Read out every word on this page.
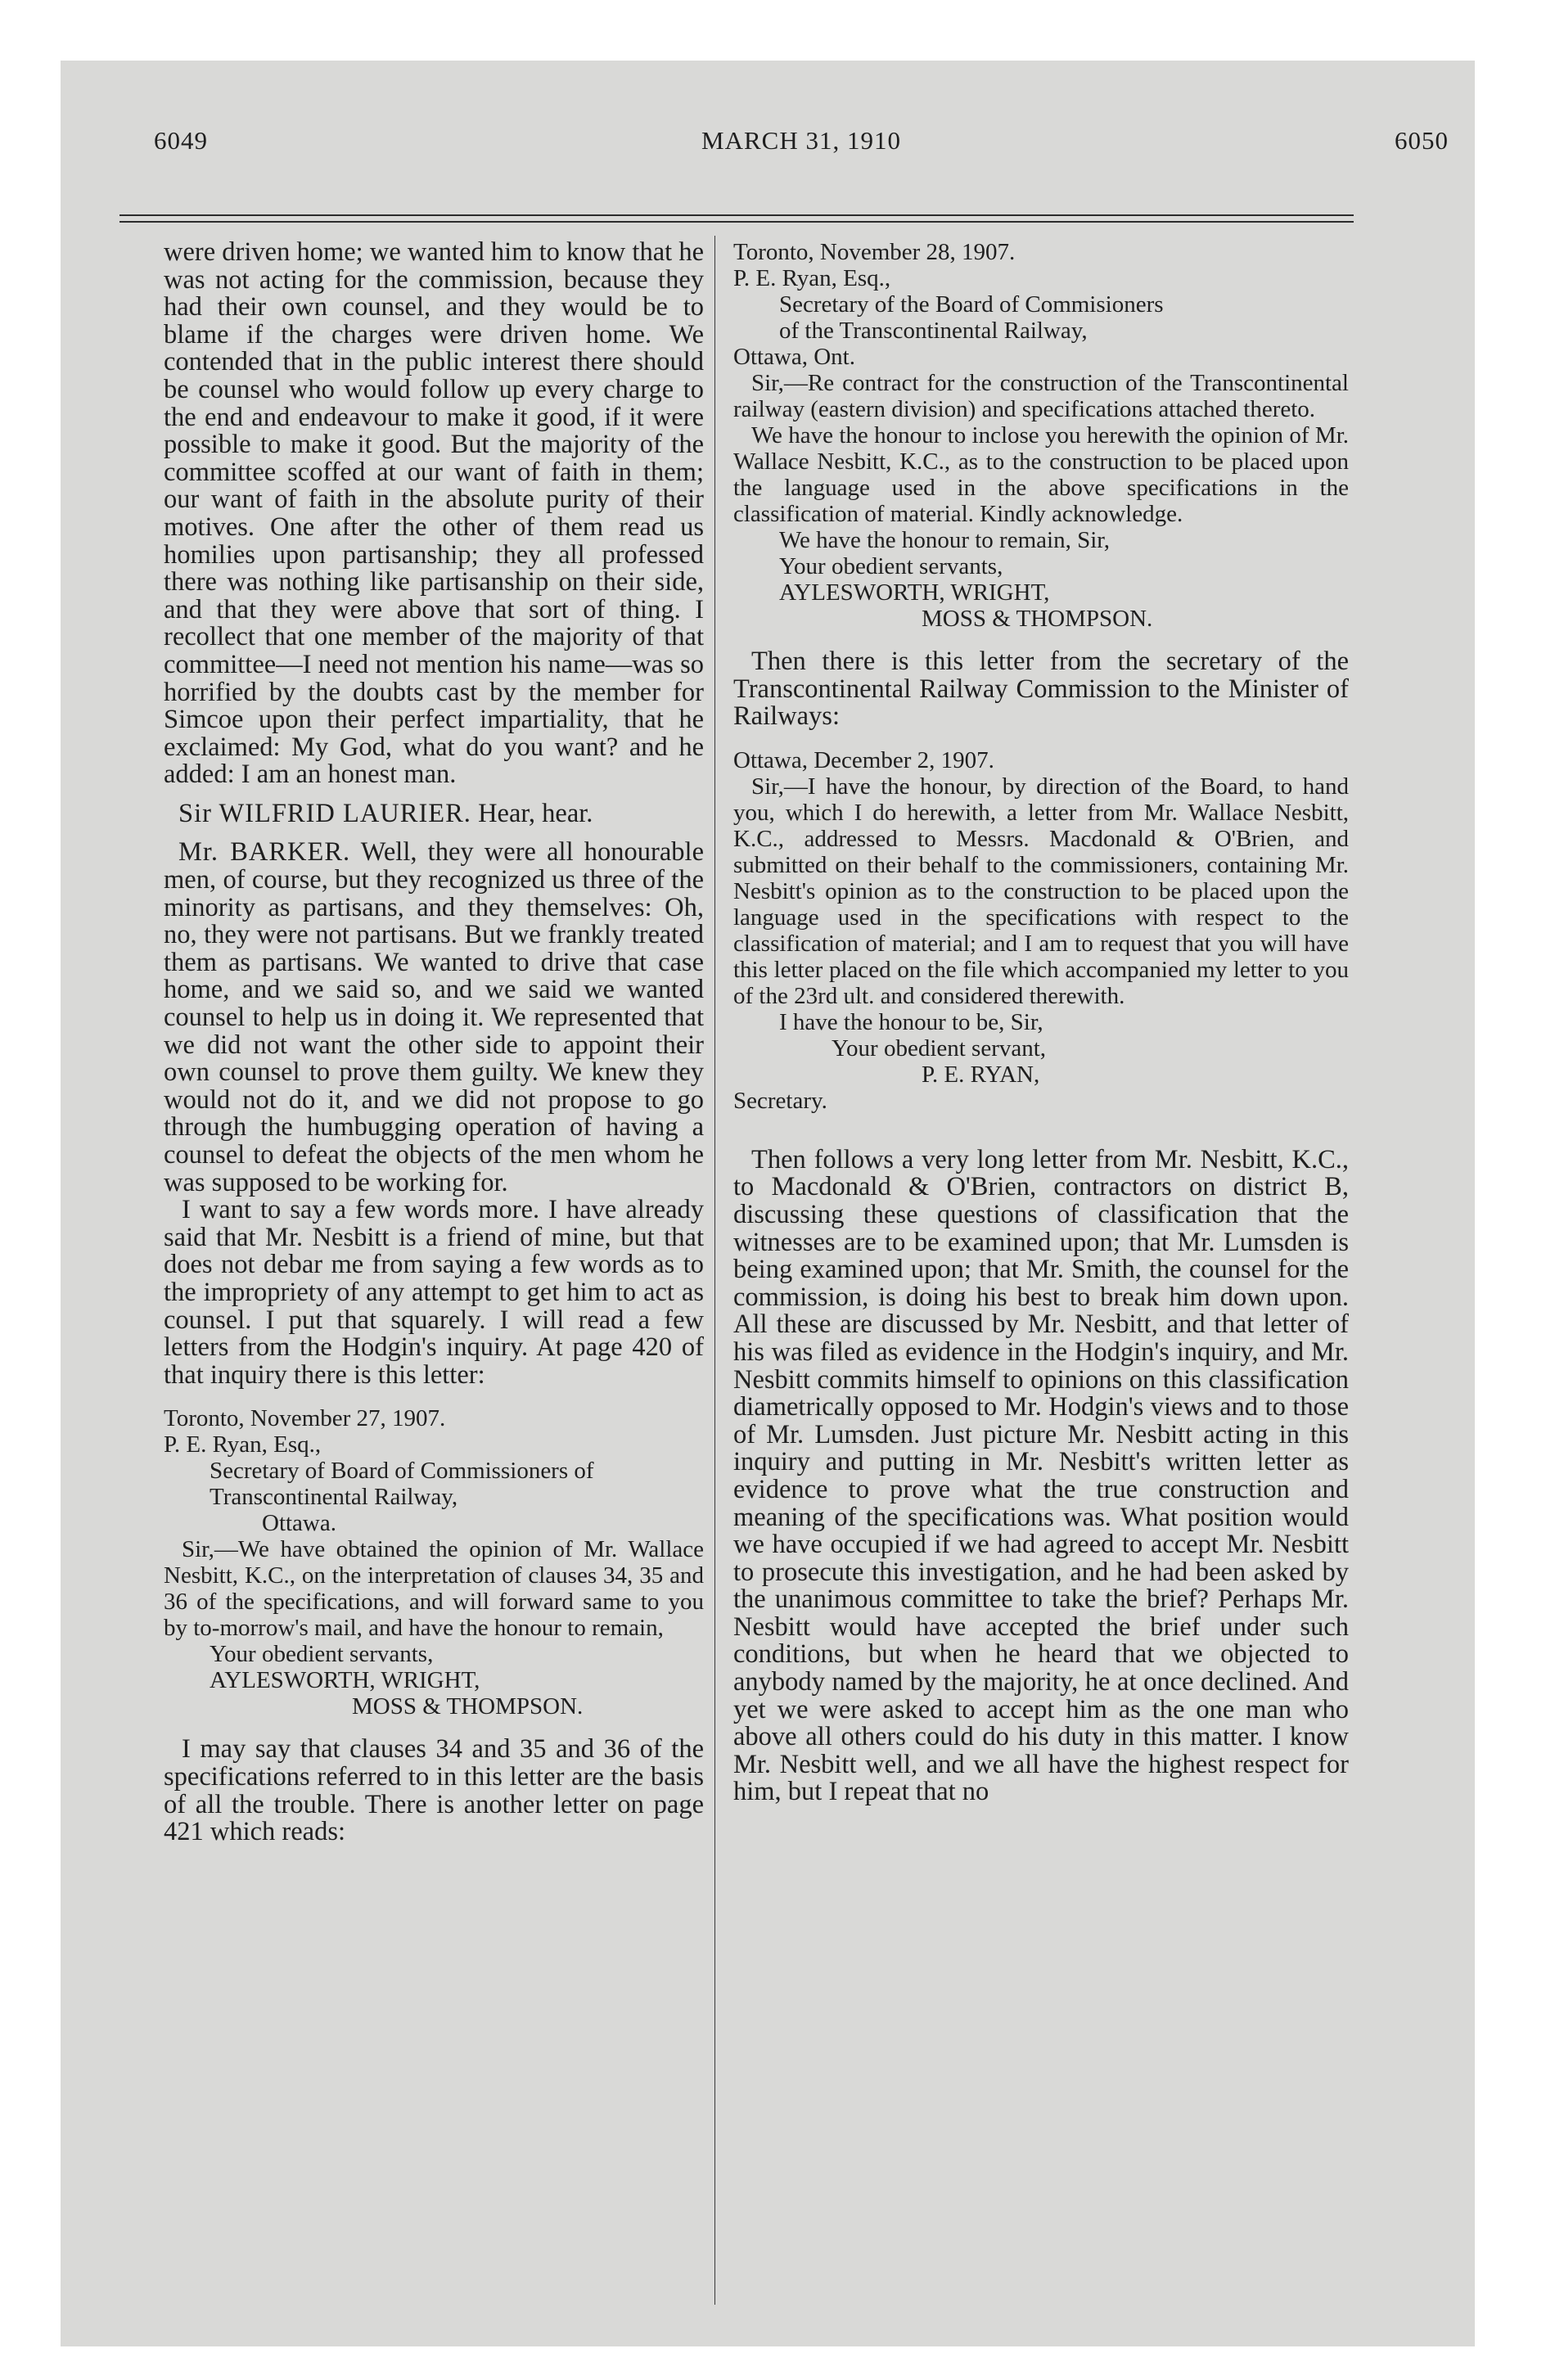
6049	MARCH 31, 1910	6050

were driven home; we wanted him to know that he was not acting for the commission, because they had their own counsel, and they would be to blame if the charges were driven home. We contended that in the public interest there should be counsel who would follow up every charge to the end and endeavour to make it good, if it were possible to make it good. But the majority of the committee scoffed at our want of faith in them; our want of faith in the absolute purity of their motives. One after the other of them read us homilies upon partisanship; they all professed there was nothing like partisanship on their side, and that they were above that sort of thing. I recollect that one member of the majority of that committee—I need not mention his name—was so horrified by the doubts cast by the member for Simcoe upon their perfect impartiality, that he exclaimed: My God, what do you want? and he added: I am an honest man.

Sir WILFRID LAURIER. Hear, hear.

Mr. BARKER. Well, they were all honourable men, of course, but they recognized us three of the minority as partisans, and they themselves: Oh, no, they were not partisans. But we frankly treated them as partisans. We wanted to drive that case home, and we said so, and we said we wanted counsel to help us in doing it. We represented that we did not want the other side to appoint their own counsel to prove them guilty. We knew they would not do it, and we did not propose to go through the humbugging operation of having a counsel to defeat the objects of the men whom he was supposed to be working for.

I want to say a few words more. I have already said that Mr. Nesbitt is a friend of mine, but that does not debar me from saying a few words as to the impropriety of any attempt to get him to act as counsel. I put that squarely. I will read a few letters from the Hodgin's inquiry. At page 420 of that inquiry there is this letter:

Toronto, November 27, 1907.

P. E. Ryan, Esq.,

Secretary of Board of Commissioners of

Transcontinental Railway,

Ottawa.

Sir,—We have obtained the opinion of Mr. Wallace Nesbitt, K.C., on the interpretation of clauses 34, 35 and 36 of the specifications, and will forward same to you by to-morrow's mail, and have the honour to remain,

Your obedient servants,

AYLESWORTH, WRIGHT,

MOSS & THOMPSON.

I may say that clauses 34 and 35 and 36 of the specifications referred to in this letter are the basis of all the trouble. There is another letter on page 421 which reads:

Toronto, November 28, 1907.

P. E. Ryan, Esq.,

Secretary of the Board of Commisioners

of the Transcontinental Railway,

Ottawa, Ont.

Sir,—Re contract for the construction of the Transcontinental railway (eastern division) and specifications attached thereto.

We have the honour to inclose you herewith the opinion of Mr. Wallace Nesbitt, K.C., as to the construction to be placed upon the language used in the above specifications in the classification of material. Kindly acknowledge.

We have the honour to remain, Sir,

Your obedient servants,

AYLESWORTH, WRIGHT,

MOSS & THOMPSON.

Then there is this letter from the secretary of the Transcontinental Railway Commission to the Minister of Railways:

Ottawa, December 2, 1907.

Sir,—I have the honour, by direction of the Board, to hand you, which I do herewith, a letter from Mr. Wallace Nesbitt, K.C., addressed to Messrs. Macdonald & O'Brien, and submitted on their behalf to the commissioners, containing Mr. Nesbitt's opinion as to the construction to be placed upon the language used in the specifications with respect to the classification of material; and I am to request that you will have this letter placed on the file which accompanied my letter to you of the 23rd ult. and considered therewith.

I have the honour to be, Sir,

Your obedient servant,

P. E. RYAN,

Secretary.

Then follows a very long letter from Mr. Nesbitt, K.C., to Macdonald & O'Brien, contractors on district B, discussing these questions of classification that the witnesses are to be examined upon; that Mr. Lumsden is being examined upon; that Mr. Smith, the counsel for the commission, is doing his best to break him down upon. All these are discussed by Mr. Nesbitt, and that letter of his was filed as evidence in the Hodgin's inquiry, and Mr. Nesbitt commits himself to opinions on this classification diametrically opposed to Mr. Hodgin's views and to those of Mr. Lumsden. Just picture Mr. Nesbitt acting in this inquiry and putting in Mr. Nesbitt's written letter as evidence to prove what the true construction and meaning of the specifications was. What position would we have occupied if we had agreed to accept Mr. Nesbitt to prosecute this investigation, and he had been asked by the unanimous committee to take the brief? Perhaps Mr. Nesbitt would have accepted the brief under such conditions, but when he heard that we objected to anybody named by the majority, he at once declined. And yet we were asked to accept him as the one man who above all others could do his duty in this matter. I know Mr. Nesbitt well, and we all have the highest respect for him, but I repeat that no
